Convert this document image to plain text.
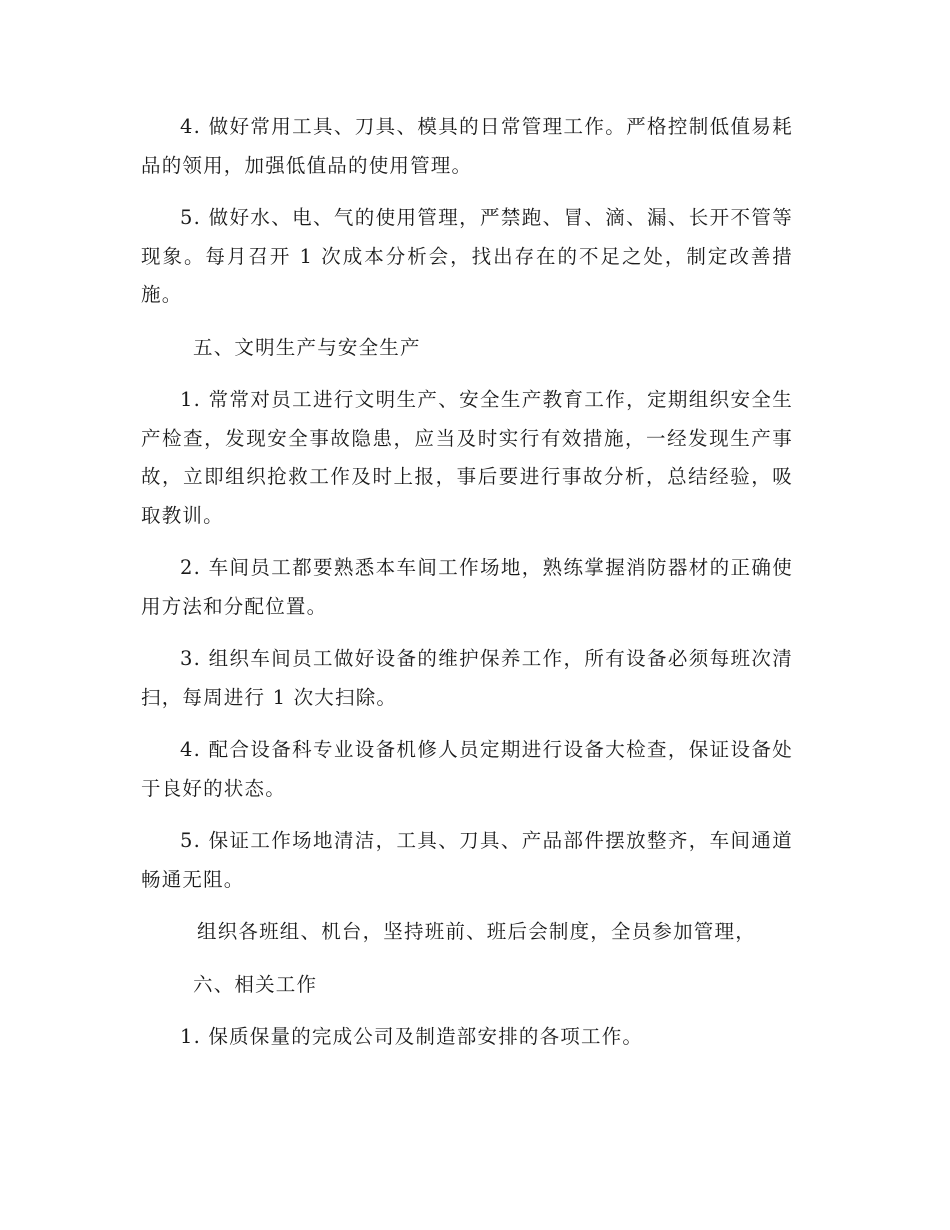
4. 做好常用工具、刀具、模具的日常管理工作。严格控制低值易耗品的领用，加强低值品的使用管理。

5. 做好水、电、气的使用管理，严禁跑、冒、滴、漏、长开不管等现象。每月召开 1 次成本分析会，找出存在的不足之处，制定改善措施。

五、文明生产与安全生产

1. 常常对员工进行文明生产、安全生产教育工作，定期组织安全生产检查，发现安全事故隐患，应当及时实行有效措施，一经发现生产事故，立即组织抢救工作及时上报，事后要进行事故分析，总结经验，吸取教训。

2. 车间员工都要熟悉本车间工作场地，熟练掌握消防器材的正确使用方法和分配位置。

3. 组织车间员工做好设备的维护保养工作，所有设备必须每班次清扫，每周进行 1 次大扫除。

4. 配合设备科专业设备机修人员定期进行设备大检查，保证设备处于良好的状态。

5. 保证工作场地清洁，工具、刀具、产品部件摆放整齐，车间通道畅通无阻。

组织各班组、机台，坚持班前、班后会制度，全员参加管理，

六、相关工作

1. 保质保量的完成公司及制造部安排的各项工作。
